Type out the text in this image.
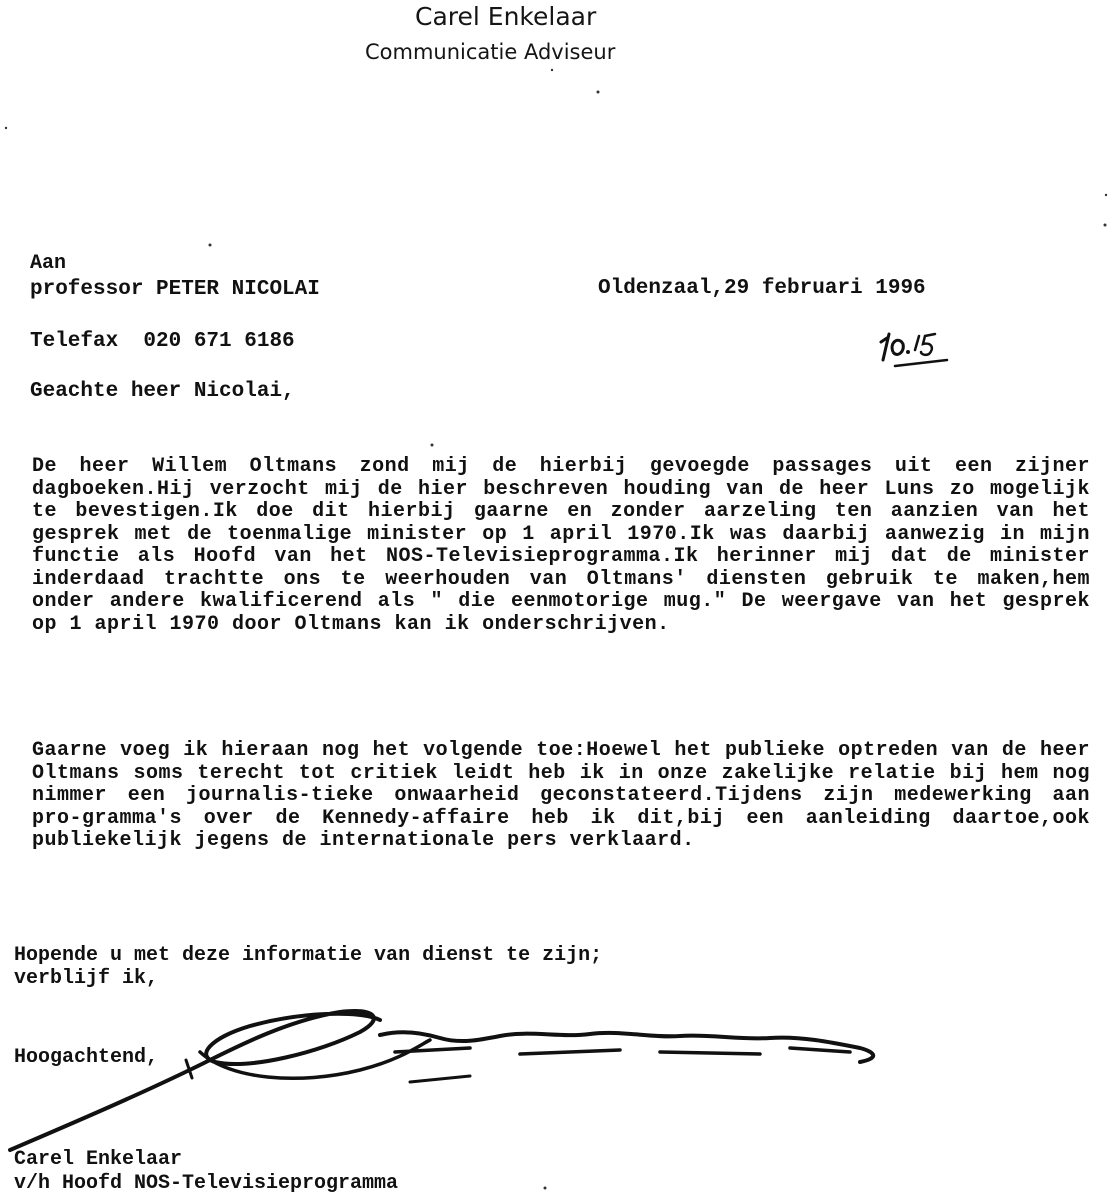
Carel Enkelaar
Communicatie Adviseur
Aan
professor PETER NICOLAI	Oldenzaal,29 februari 1996
Telefax  020 671 6186
Geachte heer Nicolai,
De heer Willem Oltmans zond mij de hierbij gevoegde passages uit een zijner dagboeken.Hij verzocht mij de hier beschreven houding van de heer Luns zo mogelijk te bevestigen.Ik doe dit hierbij gaarne en zonder aarzeling ten aanzien van het gesprek met de toenmalige minister op 1 april 1970.Ik was daarbij aanwezig in mijn functie als Hoofd van het NOS-Televisieprogramma.Ik herinner mij dat de minister inderdaad trachtte ons te weerhouden van Oltmans' diensten gebruik te maken,hem onder andere kwalificerend als " die eenmotorige mug." De weergave van het gesprek op 1 april 1970 door Oltmans kan ik onderschrijven.
Gaarne voeg ik hieraan nog het volgende toe:Hoewel het publieke optreden van de heer Oltmans soms terecht tot critiek leidt heb ik in onze zakelijke relatie bij hem nog nimmer een journalis-tieke onwaarheid geconstateerd.Tijdens zijn medewerking aan pro-gramma's over de Kennedy-affaire heb ik dit,bij een aanleiding daartoe,ook publiekelijk jegens de internationale pers verklaard.
Hopende u met deze informatie van dienst te zijn;
verblijf ik,
Hoogachtend,
Carel Enkelaar
v/h Hoofd NOS-Televisieprogramma
